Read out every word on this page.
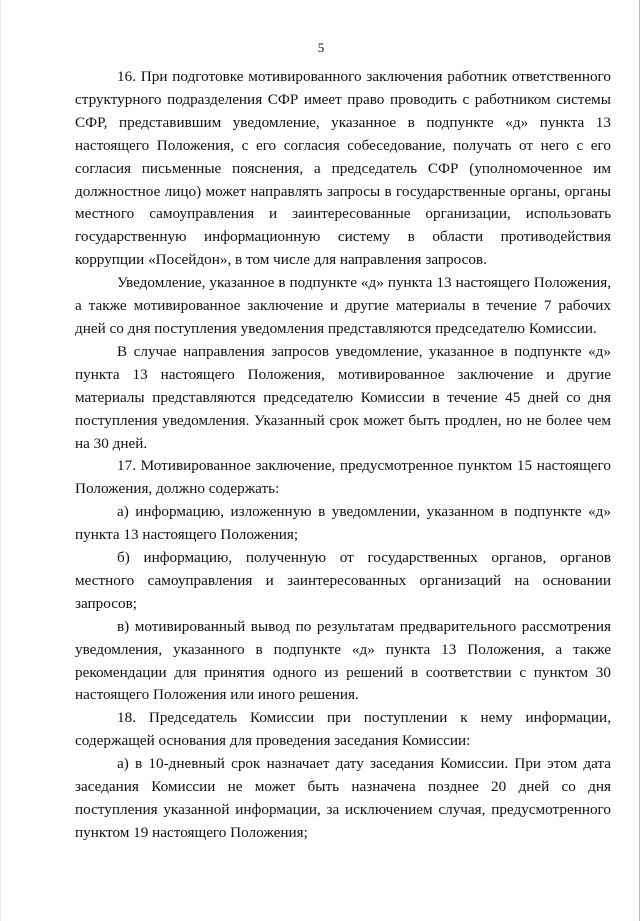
5

16. При подготовке мотивированного заключения работник ответственного структурного подразделения СФР имеет право проводить с работником системы СФР, представившим уведомление, указанное в подпункте «д» пункта 13 настоящего Положения, с его согласия собеседование, получать от него с его согласия письменные пояснения, а председатель СФР (уполномоченное им должностное лицо) может направлять запросы в государственные органы, органы местного самоуправления и заинтересованные организации, использовать государственную информационную систему в области противодействия коррупции «Посейдон», в том числе для направления запросов.

Уведомление, указанное в подпункте «д» пункта 13 настоящего Положения, а также мотивированное заключение и другие материалы в течение 7 рабочих дней со дня поступления уведомления представляются председателю Комиссии.

В случае направления запросов уведомление, указанное в подпункте «д» пункта 13 настоящего Положения, мотивированное заключение и другие материалы представляются председателю Комиссии в течение 45 дней со дня поступления уведомления. Указанный срок может быть продлен, но не более чем на 30 дней.

17. Мотивированное заключение, предусмотренное пунктом 15 настоящего Положения, должно содержать:

а) информацию, изложенную в уведомлении, указанном в подпункте «д» пункта 13 настоящего Положения;

б) информацию, полученную от государственных органов, органов местного самоуправления и заинтересованных организаций на основании запросов;

в) мотивированный вывод по результатам предварительного рассмотрения уведомления, указанного в подпункте «д» пункта 13 Положения, а также рекомендации для принятия одного из решений в соответствии с пунктом 30 настоящего Положения или иного решения.

18. Председатель Комиссии при поступлении к нему информации, содержащей основания для проведения заседания Комиссии:

а) в 10-дневный срок назначает дату заседания Комиссии. При этом дата заседания Комиссии не может быть назначена позднее 20 дней со дня поступления указанной информации, за исключением случая, предусмотренного пунктом 19 настоящего Положения;
